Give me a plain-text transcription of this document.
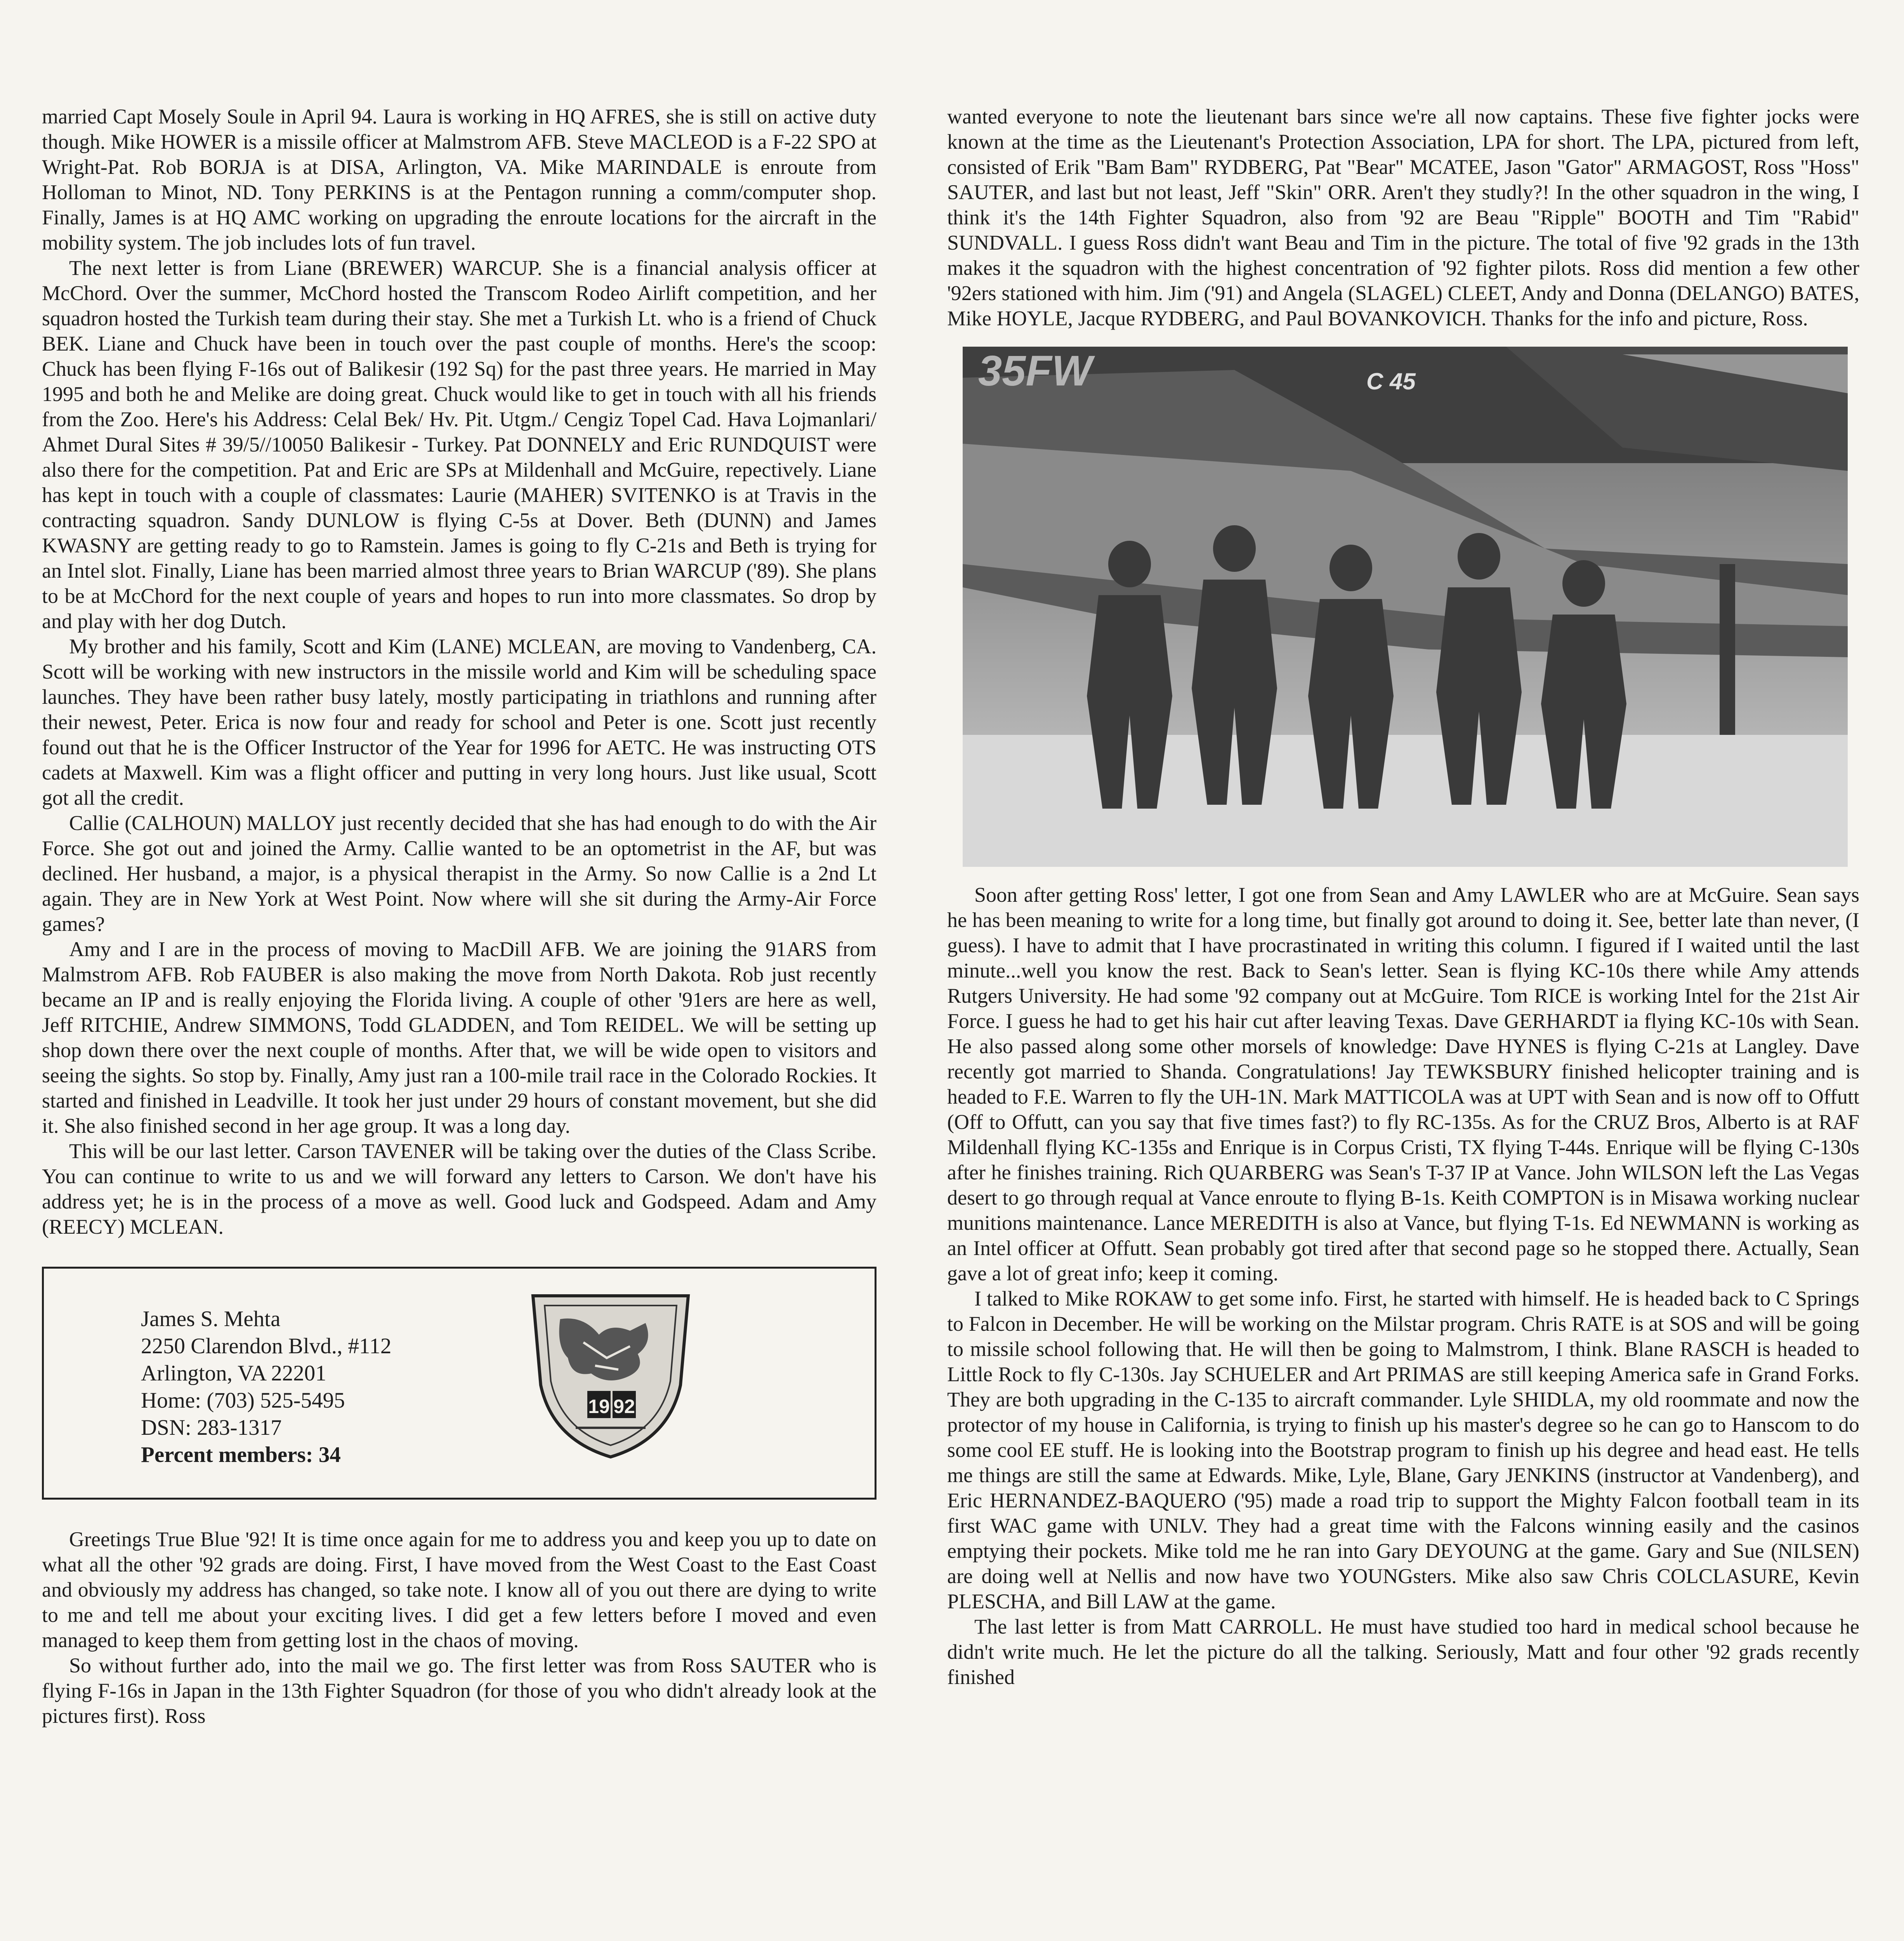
married Capt Mosely Soule in April 94. Laura is working in HQ AFRES, she is still on active duty though. Mike HOWER is a missile officer at Malmstrom AFB. Steve MACLEOD is a F-22 SPO at Wright-Pat. Rob BORJA is at DISA, Arlington, VA. Mike MARINDALE is enroute from Holloman to Minot, ND. Tony PERKINS is at the Pentagon running a comm/computer shop. Finally, James is at HQ AMC working on upgrading the enroute locations for the aircraft in the mobility system. The job includes lots of fun travel.

The next letter is from Liane (BREWER) WARCUP. She is a financial analysis officer at McChord. Over the summer, McChord hosted the Transcom Rodeo Airlift competition, and her squadron hosted the Turkish team during their stay. She met a Turkish Lt. who is a friend of Chuck BEK. Liane and Chuck have been in touch over the past couple of months. Here's the scoop: Chuck has been flying F-16s out of Balikesir (192 Sq) for the past three years. He married in May 1995 and both he and Melike are doing great. Chuck would like to get in touch with all his friends from the Zoo. Here's his Address: Celal Bek/ Hv. Pit. Utgm./ Cengiz Topel Cad. Hava Lojmanlari/ Ahmet Dural Sites # 39/5//10050 Balikesir - Turkey. Pat DONNELY and Eric RUNDQUIST were also there for the competition. Pat and Eric are SPs at Mildenhall and McGuire, repectively. Liane has kept in touch with a couple of classmates: Laurie (MAHER) SVITENKO is at Travis in the contracting squadron. Sandy DUNLOW is flying C-5s at Dover. Beth (DUNN) and James KWASNY are getting ready to go to Ramstein. James is going to fly C-21s and Beth is trying for an Intel slot. Finally, Liane has been married almost three years to Brian WARCUP ('89). She plans to be at McChord for the next couple of years and hopes to run into more classmates. So drop by and play with her dog Dutch.

My brother and his family, Scott and Kim (LANE) MCLEAN, are moving to Vandenberg, CA. Scott will be working with new instructors in the missile world and Kim will be scheduling space launches. They have been rather busy lately, mostly participating in triathlons and running after their newest, Peter. Erica is now four and ready for school and Peter is one. Scott just recently found out that he is the Officer Instructor of the Year for 1996 for AETC. He was instructing OTS cadets at Maxwell. Kim was a flight officer and putting in very long hours. Just like usual, Scott got all the credit.

Callie (CALHOUN) MALLOY just recently decided that she has had enough to do with the Air Force. She got out and joined the Army. Callie wanted to be an optometrist in the AF, but was declined. Her husband, a major, is a physical therapist in the Army. So now Callie is a 2nd Lt again. They are in New York at West Point. Now where will she sit during the Army-Air Force games?

Amy and I are in the process of moving to MacDill AFB. We are joining the 91ARS from Malmstrom AFB. Rob FAUBER is also making the move from North Dakota. Rob just recently became an IP and is really enjoying the Florida living. A couple of other '91ers are here as well, Jeff RITCHIE, Andrew SIMMONS, Todd GLADDEN, and Tom REIDEL. We will be setting up shop down there over the next couple of months. After that, we will be wide open to visitors and seeing the sights. So stop by. Finally, Amy just ran a 100-mile trail race in the Colorado Rockies. It started and finished in Leadville. It took her just under 29 hours of constant movement, but she did it. She also finished second in her age group. It was a long day.

This will be our last letter. Carson TAVENER will be taking over the duties of the Class Scribe. You can continue to write to us and we will forward any letters to Carson. We don't have his address yet; he is in the process of a move as well. Good luck and Godspeed. Adam and Amy (REECY) MCLEAN.

James S. Mehta
2250 Clarendon Blvd., #112
Arlington, VA 22201
Home: (703) 525-5495
DSN: 283-1317
Percent members: 34
19 92

Greetings True Blue '92! It is time once again for me to address you and keep you up to date on what all the other '92 grads are doing. First, I have moved from the West Coast to the East Coast and obviously my address has changed, so take note. I know all of you out there are dying to write to me and tell me about your exciting lives. I did get a few letters before I moved and even managed to keep them from getting lost in the chaos of moving.

So without further ado, into the mail we go. The first letter was from Ross SAUTER who is flying F-16s in Japan in the 13th Fighter Squadron (for those of you who didn't already look at the pictures first). Ross

wanted everyone to note the lieutenant bars since we're all now captains. These five fighter jocks were known at the time as the Lieutenant's Protection Association, LPA for short. The LPA, pictured from left, consisted of Erik "Bam Bam" RYDBERG, Pat "Bear" MCATEE, Jason "Gator" ARMAGOST, Ross "Hoss" SAUTER, and last but not least, Jeff "Skin" ORR. Aren't they studly?! In the other squadron in the wing, I think it's the 14th Fighter Squadron, also from '92 are Beau "Ripple" BOOTH and Tim "Rabid" SUNDVALL. I guess Ross didn't want Beau and Tim in the picture. The total of five '92 grads in the 13th makes it the squadron with the highest concentration of '92 fighter pilots. Ross did mention a few other '92ers stationed with him. Jim ('91) and Angela (SLAGEL) CLEET, Andy and Donna (DELANGO) BATES, Mike HOYLE, Jacque RYDBERG, and Paul BOVANKOVICH. Thanks for the info and picture, Ross.

35FW	C 45

Soon after getting Ross' letter, I got one from Sean and Amy LAWLER who are at McGuire. Sean says he has been meaning to write for a long time, but finally got around to doing it. See, better late than never, (I guess). I have to admit that I have procrastinated in writing this column. I figured if I waited until the last minute...well you know the rest. Back to Sean's letter. Sean is flying KC-10s there while Amy attends Rutgers University. He had some '92 company out at McGuire. Tom RICE is working Intel for the 21st Air Force. I guess he had to get his hair cut after leaving Texas. Dave GERHARDT ia flying KC-10s with Sean. He also passed along some other morsels of knowledge: Dave HYNES is flying C-21s at Langley. Dave recently got married to Shanda. Congratulations! Jay TEWKSBURY finished helicopter training and is headed to F.E. Warren to fly the UH-1N. Mark MATTICOLA was at UPT with Sean and is now off to Offutt (Off to Offutt, can you say that five times fast?) to fly RC-135s. As for the CRUZ Bros, Alberto is at RAF Mildenhall flying KC-135s and Enrique is in Corpus Cristi, TX flying T-44s. Enrique will be flying C-130s after he finishes training. Rich QUARBERG was Sean's T-37 IP at Vance. John WILSON left the Las Vegas desert to go through requal at Vance enroute to flying B-1s. Keith COMPTON is in Misawa working nuclear munitions maintenance. Lance MEREDITH is also at Vance, but flying T-1s. Ed NEWMANN is working as an Intel officer at Offutt. Sean probably got tired after that second page so he stopped there. Actually, Sean gave a lot of great info; keep it coming.

I talked to Mike ROKAW to get some info. First, he started with himself. He is headed back to C Springs to Falcon in December. He will be working on the Milstar program. Chris RATE is at SOS and will be going to missile school following that. He will then be going to Malmstrom, I think. Blane RASCH is headed to Little Rock to fly C-130s. Jay SCHUELER and Art PRIMAS are still keeping America safe in Grand Forks. They are both upgrading in the C-135 to aircraft commander. Lyle SHIDLA, my old roommate and now the protector of my house in California, is trying to finish up his master's degree so he can go to Hanscom to do some cool EE stuff. He is looking into the Bootstrap program to finish up his degree and head east. He tells me things are still the same at Edwards. Mike, Lyle, Blane, Gary JENKINS (instructor at Vandenberg), and Eric HERNANDEZ-BAQUERO ('95) made a road trip to support the Mighty Falcon football team in its first WAC game with UNLV. They had a great time with the Falcons winning easily and the casinos emptying their pockets. Mike told me he ran into Gary DEYOUNG at the game. Gary and Sue (NILSEN) are doing well at Nellis and now have two YOUNGsters. Mike also saw Chris COLCLASURE, Kevin PLESCHA, and Bill LAW at the game.

The last letter is from Matt CARROLL. He must have studied too hard in medical school because he didn't write much. He let the picture do all the talking. Seriously, Matt and four other '92 grads recently finished
